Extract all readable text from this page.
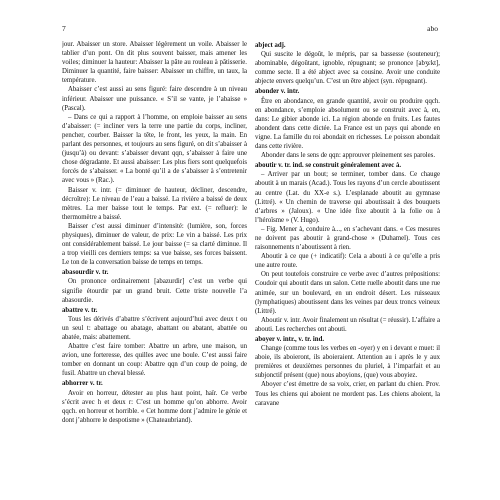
7	abo

jour. Abaisser un store. Abaisser légèrement un voile. Abaisser le tablier d’un pont. On dit plus souvent baisser, mais amener les voiles; diminuer la hauteur: Abaisser la pâte au rouleau à pâtisserie. Diminuer la quantité, faire baisser: Abaisser un chiffre, un taux, la température.

Abaisser c’est aussi au sens figuré: faire descendre à un niveau inférieur. Abaisser une puissance. « S’il se vante, je l’abaisse » (Pascal).

– Dans ce qui a rapport à l’homme, on emploie baisser au sens d’abaisser: (= incliner vers la terre une partie du corps, incliner, pencher, courber. Baisser la tête, le front, les yeux, la main. En parlant des personnes, et toujours au sens figuré, on dit s’abaisser à (jusqu’à) ou devant: s’abaisser devant qqn, s’abaisser à faire une chose dégradante. Et aussi abaisser: Les plus fiers sont quelquefois forcés de s’abaisser. « La bonté qu’il a de s’abaisser à s’entretenir avec vous » (Rac.).

Baisser v. intr. (= diminuer de hauteur, décliner, descendre, décroître): Le niveau de l’eau a baissé. La rivière a baissé de deux mètres. La mer baisse tout le temps. Par ext. (= refluer): le thermomètre a baissé.

Baisser c’est aussi diminuer d’intensité: (lumière, son, forces physiques), diminuer de valeur, de prix: Le vin a baissé. Les prix ont considérablement baissé. Le jour baisse (= sa clarté diminue. Il a trop vieilli ces derniers temps: sa vue baisse, ses forces baissent. Le ton de la conversation baisse de temps en temps.

abasourdir v. tr.

On prononce ordinairement [abazurdir] c’est un verbe qui signifie étourdir par un grand bruit. Cette triste nouvelle l’a abasourdie.

abattre v. tr.

Tous les dérivés d’abattre s’écrivent aujourd’hui avec deux t ou un seul t: abattage ou abatage, abattant ou abatant, abattée ou abatée, mais: abattement.

Abattre c’est faire tomber: Abattre un arbre, une maison, un avion, une forteresse, des quilles avec une boule. C’est aussi faire tomber en donnant un coup: Abattre qqn d’un coup de poing, de fusil. Abattre un cheval blessé.

abhorrer v. tr.

Avoir en horreur, détester au plus haut point, haïr. Ce verbe s’écrit avec h et deux r: C’est un homme qu’on abhorre. Avoir qqch. en horreur et horrible. « Cet homme dont j’admire le génie et dont j’abhorre le despotisme » (Chateaubriand).

abject adj.

Qui suscite le dégoût, le mépris, par sa bassesse (souteneur); abominable, dégoûtant, ignoble, répugnant; se prononce [abʒɛkt], comme secte. Il a été abject avec sa cousine. Avoir une conduite abjecte envers quelqu’un. C’est un être abject (syn. répugnant).

abonder v. intr.

Être en abondance, en grande quantité, avoir ou produire qqch. en abondance, s’emploie absolument ou se construit avec à, en, dans: Le gibier abonde ici. La région abonde en fruits. Les fautes abondent dans cette dictée. La France est un pays qui abonde en vigne. La famille du roi abondait en richesses. Le poisson abondait dans cette rivière.

Abonder dans le sens de qqn: approuver pleinement ses paroles.

aboutir v. tr. ind. se construit généralement avec à.

– Arriver par un bout; se terminer, tomber dans. Ce chauge aboutit à un marais (Acad.). Tous les rayons d’un cercle aboutissent au centre (Lat. du XX-e s.). L’esplanade aboutit au gymnase (Littré). « Un chemin de traverse qui aboutissait à des bouquets d’arbres » (Jaloux). « Une idée fixe aboutit à la folie ou à l’héroïsme » (V. Hugo).

– Fig. Mener à, conduire à..., en s’achevant dans. « Ces mesures ne doivent pas aboutir à grand-chose » (Duhamel). Tous ces raisonnements n’aboutissent à rien.

Aboutir à ce que (+ indicatif): Cela a abouti à ce qu’elle a pris une autre route.

On peut toutefois construire ce verbe avec d’autres prépositions: Coudoir qui aboutit dans un salon. Cette ruelle aboutit dans une rue animée, sur un boulevard, en un endroit désert. Les ruisseaux (lymphatiques) aboutissent dans les veines par deux troncs veineux (Littré).

Aboutir v. intr. Avoir finalement un résultat (= réussir). L’affaire a abouti. Les recherches ont abouti.

aboyer v. intr., v. tr. ind.

Change (comme tous les verbes en -oyer) y en i devant e muet: il aboie, ils aboieront, ils aboieraient. Attention au i après le y aux premières et deuxièmes personnes du pluriel, à l’imparfait et au subjonctif présent (que) nous aboyions, (que) vous aboyiez.

Aboyer c’est émettre de sa voix, crier, en parlant du chien. Prov. Tous les chiens qui aboient ne mordent pas. Les chiens aboient, la caravane
